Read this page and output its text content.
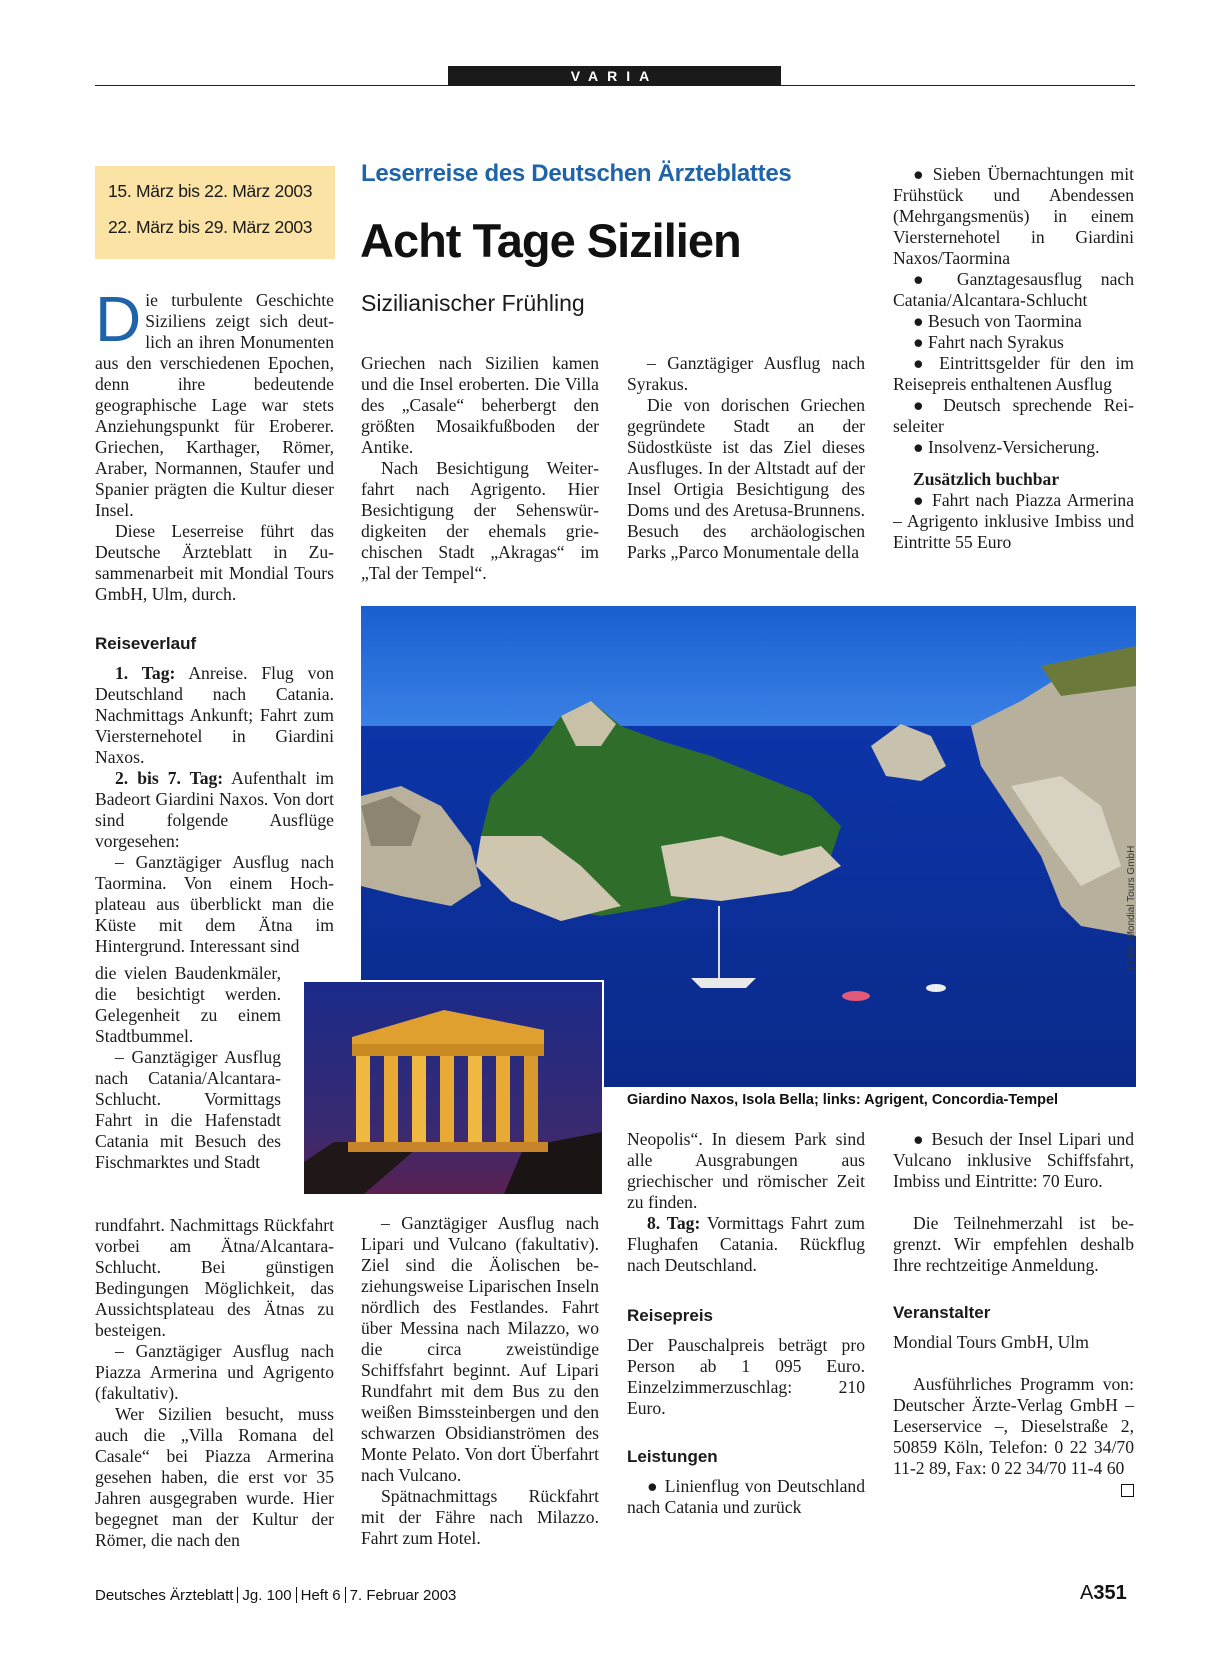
VARIA
15. März bis 22. März 2003
22. März bis 29. März 2003
Leserreise des Deutschen Ärzteblattes
Acht Tage Sizilien
Sizilianischer Frühling
D ie turbulente Geschichte Siziliens zeigt sich deutlich an ihren Monumenten aus den verschiedenen Epochen, denn ihre bedeutende geographische Lage war stets Anziehungspunkt für Eroberer. Griechen, Karthager, Römer, Araber, Normannen, Staufer und Spanier prägten die Kultur dieser Insel.

Diese Leserreise führt das Deutsche Ärzteblatt in Zusammenarbeit mit Mondial Tours GmbH, Ulm, durch.

Reiseverlauf

1. Tag: Anreise. Flug von Deutschland nach Catania. Nachmittags Ankunft; Fahrt zum Viersternehotel in Giardini Naxos.

2. bis 7. Tag: Aufenthalt im Badeort Giardini Naxos. Von dort sind folgende Ausflüge vorgesehen:

– Ganztägiger Ausflug nach Taormina. Von einem Hochplateau aus überblickt man die Küste mit dem Ätna im Hintergrund. Interessant sind

die vielen Baudenkmäler, die besichtigt werden. Gelegenheit zu einem Stadtbummel.

– Ganztägiger Ausflug nach Catania/Alcantara-Schlucht. Vormittags Fahrt in die Hafenstadt Catania mit Besuch des Fischmarktes und Stadt

rundfahrt. Nachmittags Rückfahrt vorbei am Ätna/Alcantara-Schlucht. Bei günstigen Bedingungen Möglichkeit, das Aussichtsplateau des Ätnas zu besteigen.

– Ganztägiger Ausflug nach Piazza Armerina und Agrigento (fakultativ).

Wer Sizilien besucht, muss auch die „Villa Romana del Casale“ bei Piazza Armerina gesehen haben, die erst vor 35 Jahren ausgegraben wurde. Hier begegnet man der Kultur der Römer, die nach den

Griechen nach Sizilien kamen und die Insel eroberten. Die Villa des „Casale“ beherbergt den größten Mosaikfußboden der Antike.

Nach Besichtigung Weiterfahrt nach Agrigento. Hier Besichtigung der Sehenswürdigkeiten der ehemals griechischen Stadt „Akragas“ im „Tal der Tempel“.

– Ganztägiger Ausflug nach Syrakus.

Die von dorischen Griechen gegründete Stadt an der Südostküste ist das Ziel dieses Ausfluges. In der Altstadt auf der Insel Ortigia Besichtigung des Doms und des Aretusa-Brunnens. Besuch des archäologischen Parks „Parco Monumentale della

● Sieben Übernachtungen mit Frühstück und Abendessen (Mehrgangsmenüs) in einem Viersternehotel in Giardini Naxos/Taormina

● Ganztagesausflug nach Catania/Alcantara-Schlucht

● Besuch von Taormina

● Fahrt nach Syrakus

● Eintrittsgelder für den im Reisepreis enthaltenen Ausflug

● Deutsch sprechende Reiseleiter

● Insolvenz-Versicherung.

Zusätzlich buchbar

● Fahrt nach Piazza Armerina – Agrigento inklusive Imbiss und Eintritte 55 Euro

Fotos: Mondial Tours GmbH
Giardino Naxos, Isola Bella; links: Agrigent, Concordia-Tempel

– Ganztägiger Ausflug nach Lipari und Vulcano (fakultativ). Ziel sind die Äolischen beziehungsweise Liparischen Inseln nördlich des Festlandes. Fahrt über Messina nach Milazzo, wo die circa zweistündige Schiffsfahrt beginnt. Auf Lipari Rundfahrt mit dem Bus zu den weißen Bimssteinbergen und den schwarzen Obsidianströmen des Monte Pelato. Von dort Überfahrt nach Vulcano.

Spätnachmittags Rückfahrt mit der Fähre nach Milazzo. Fahrt zum Hotel.

Neopolis“. In diesem Park sind alle Ausgrabungen aus griechischer und römischer Zeit zu finden.

8. Tag: Vormittags Fahrt zum Flughafen Catania. Rückflug nach Deutschland.

Reisepreis

Der Pauschalpreis beträgt pro Person ab 1 095 Euro. Einzelzimmerzuschlag: 210 Euro.

Leistungen

● Linienflug von Deutschland nach Catania und zurück

● Besuch der Insel Lipari und Vulcano inklusive Schiffsfahrt, Imbiss und Eintritte: 70 Euro.

Die Teilnehmerzahl ist begrenzt. Wir empfehlen deshalb Ihre rechtzeitige Anmeldung.

Veranstalter

Mondial Tours GmbH, Ulm

Ausführliches Programm von: Deutscher Ärzte-Verlag GmbH – Leserservice –, Dieselstraße 2, 50859 Köln, Telefon: 0 22 34/70 11-2 89, Fax: 0 22 34/70 11-4 60

Deutsches Ärzteblatt Jg. 100 Heft 6 7. Februar 2003	A351
